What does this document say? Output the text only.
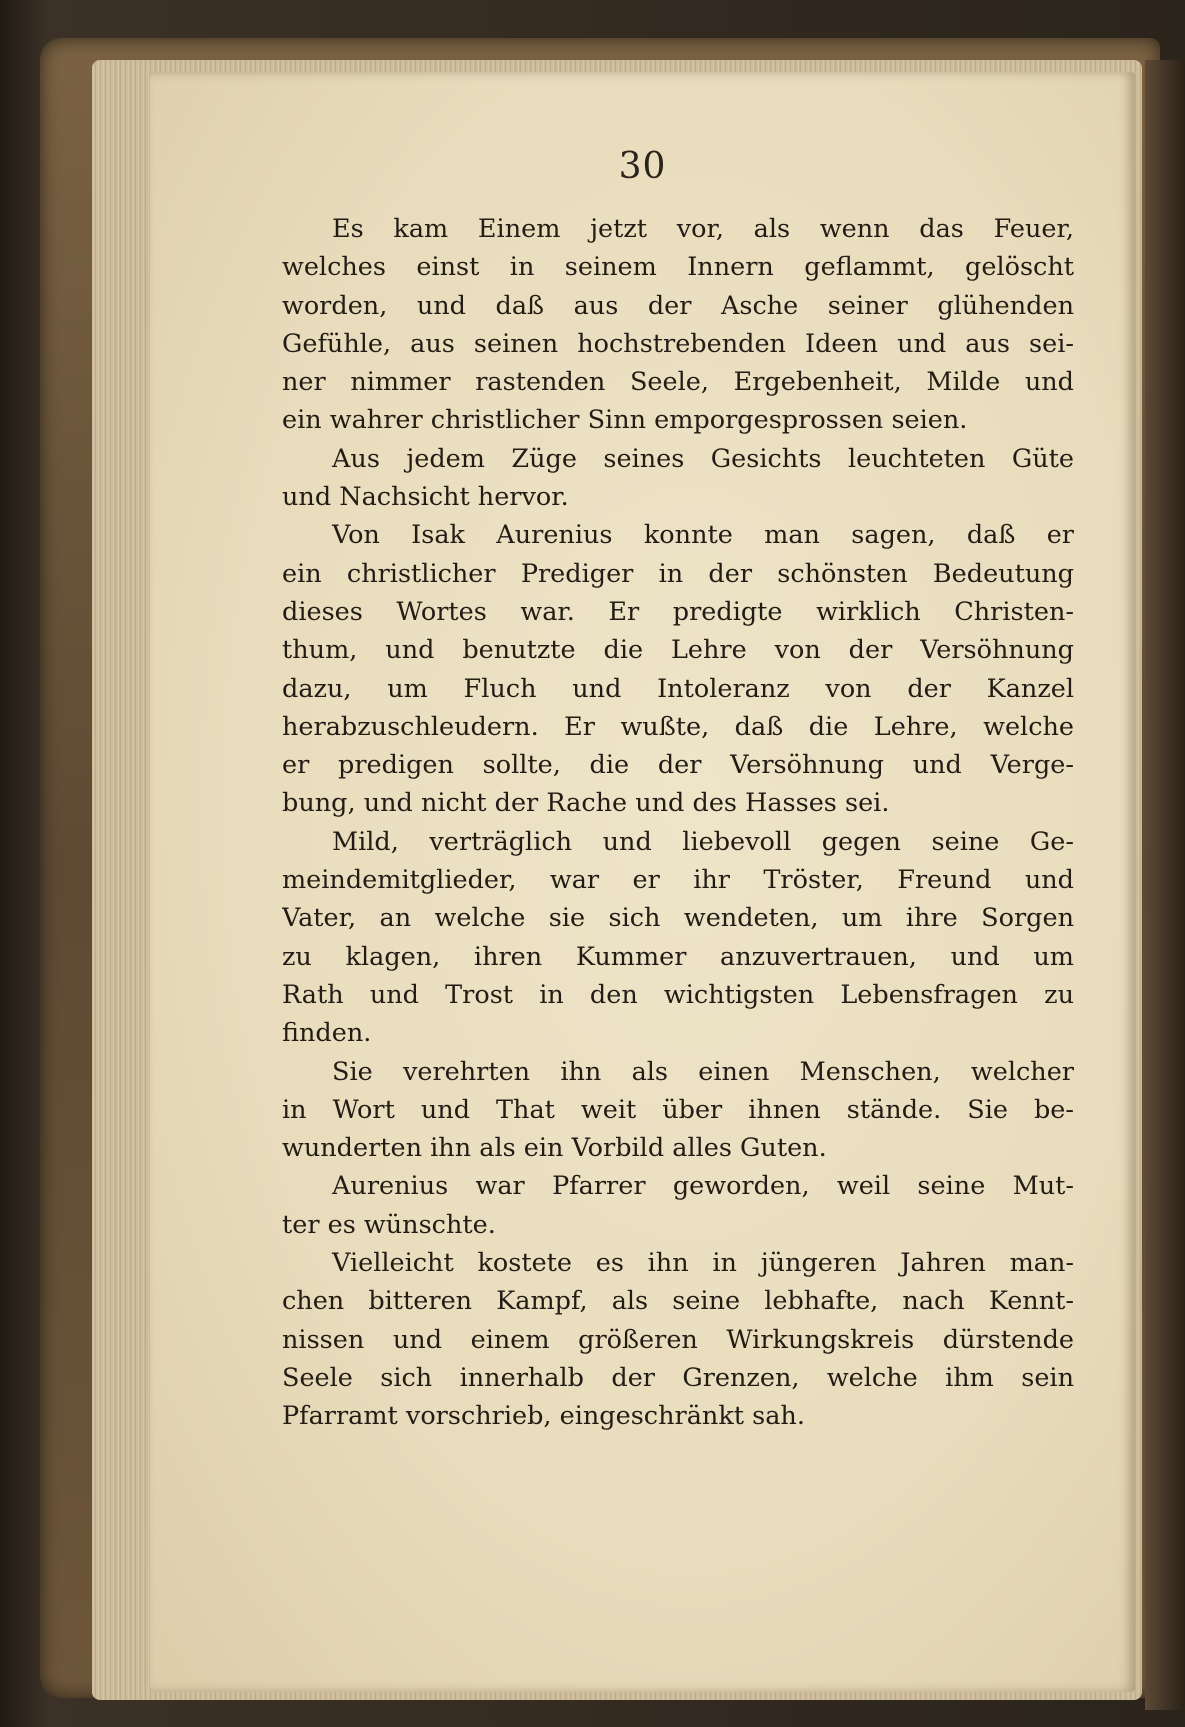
30
Es kam Einem jetzt vor, als wenn das Feuer,
welches einst in seinem Innern geflammt, gelöscht
worden, und daß aus der Asche seiner glühenden
Gefühle, aus seinen hochstrebenden Ideen und aus sei-
ner nimmer rastenden Seele, Ergebenheit, Milde und
ein wahrer christlicher Sinn emporgesprossen seien.
Aus jedem Züge seines Gesichts leuchteten Güte
und Nachsicht hervor.
Von Isak Aurenius konnte man sagen, daß er
ein christlicher Prediger in der schönsten Bedeutung
dieses Wortes war. Er predigte wirklich Christen-
thum, und benutzte die Lehre von der Versöhnung
dazu, um Fluch und Intoleranz von der Kanzel
herabzuschleudern. Er wußte, daß die Lehre, welche
er predigen sollte, die der Versöhnung und Verge-
bung, und nicht der Rache und des Hasses sei.
Mild, verträglich und liebevoll gegen seine Ge-
meindemitglieder, war er ihr Tröster, Freund und
Vater, an welche sie sich wendeten, um ihre Sorgen
zu klagen, ihren Kummer anzuvertrauen, und um
Rath und Trost in den wichtigsten Lebensfragen zu
finden.
Sie verehrten ihn als einen Menschen, welcher
in Wort und That weit über ihnen stände. Sie be-
wunderten ihn als ein Vorbild alles Guten.
Aurenius war Pfarrer geworden, weil seine Mut-
ter es wünschte.
Vielleicht kostete es ihn in jüngeren Jahren man-
chen bitteren Kampf, als seine lebhafte, nach Kennt-
nissen und einem größeren Wirkungskreis dürstende
Seele sich innerhalb der Grenzen, welche ihm sein
Pfarramt vorschrieb, eingeschränkt sah.
